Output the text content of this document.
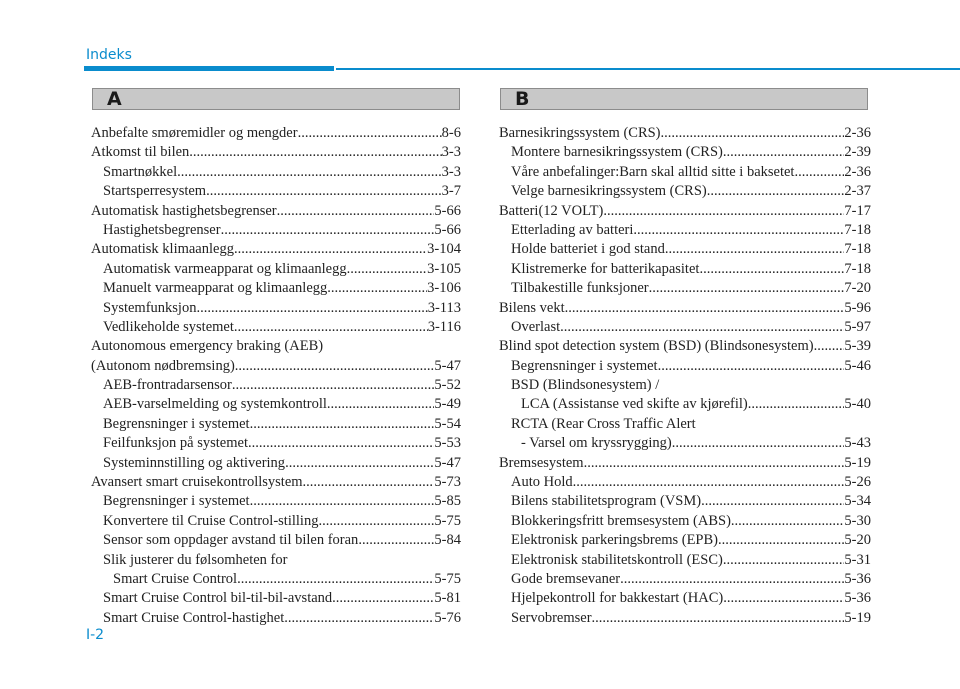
Indeks
A	B
Anbefalte smøremidler og mengder .....	8-6
Atkomst til bilen .....	3-3
Smartnøkkel .....	3-3
Startsperresystem .....	3-7
Automatisk hastighetsbegrenser .....	5-66
Hastighetsbegrenser .....	5-66
Automatisk klimaanlegg .....	3-104
Automatisk varmeapparat og klimaanlegg .....	3-105
Manuelt varmeapparat og klimaanlegg .....	3-106
Systemfunksjon .....	3-113
Vedlikeholde systemet .....	3-116
Autonomous emergency braking (AEB)
(Autonom nødbremsing) .....	5-47
AEB-frontradarsensor .....	5-52
AEB-varselmelding og systemkontroll .....	5-49
Begrensninger i systemet .....	5-54
Feilfunksjon på systemet .....	5-53
Systeminnstilling og aktivering .....	5-47
Avansert smart cruisekontrollsystem .....	5-73
Begrensninger i systemet .....	5-85
Konvertere til Cruise Control-stilling .....	5-75
Sensor som oppdager avstand til bilen foran .....	5-84
Slik justerer du følsomheten for
Smart Cruise Control .....	5-75
Smart Cruise Control bil-til-bil-avstand .....	5-81
Smart Cruise Control-hastighet .....	5-76
Barnesikringssystem (CRS) .....	2-36
Montere barnesikringssystem (CRS) .....	2-39
Våre anbefalinger:Barn skal alltid sitte i baksetet .....	2-36
Velge barnesikringssystem (CRS) .....	2-37
Batteri(12 VOLT) .....	7-17
Etterlading av batteri .....	7-18
Holde batteriet i god stand .....	7-18
Klistremerke for batterikapasitet .....	7-18
Tilbakestille funksjoner .....	7-20
Bilens vekt .....	5-96
Overlast .....	5-97
Blind spot detection system (BSD) (Blindsonesystem) ..... 5-39
Begrensninger i systemet .....	5-46
BSD (Blindsonesystem) /
LCA (Assistanse ved skifte av kjørefil) .....	5-40
RCTA (Rear Cross Traffic Alert
- Varsel om kryssrygging) .....	5-43
Bremsesystem .....	5-19
Auto Hold .....	5-26
Bilens stabilitetsprogram (VSM) .....	5-34
Blokkeringsfritt bremsesystem (ABS) .....	5-30
Elektronisk parkeringsbrems (EPB) .....	5-20
Elektronisk stabilitetskontroll (ESC) .....	5-31
Gode bremsevaner .....	5-36
Hjelpekontroll for bakkestart (HAC) .....	5-36
Servobremser .....	5-19
I-2
